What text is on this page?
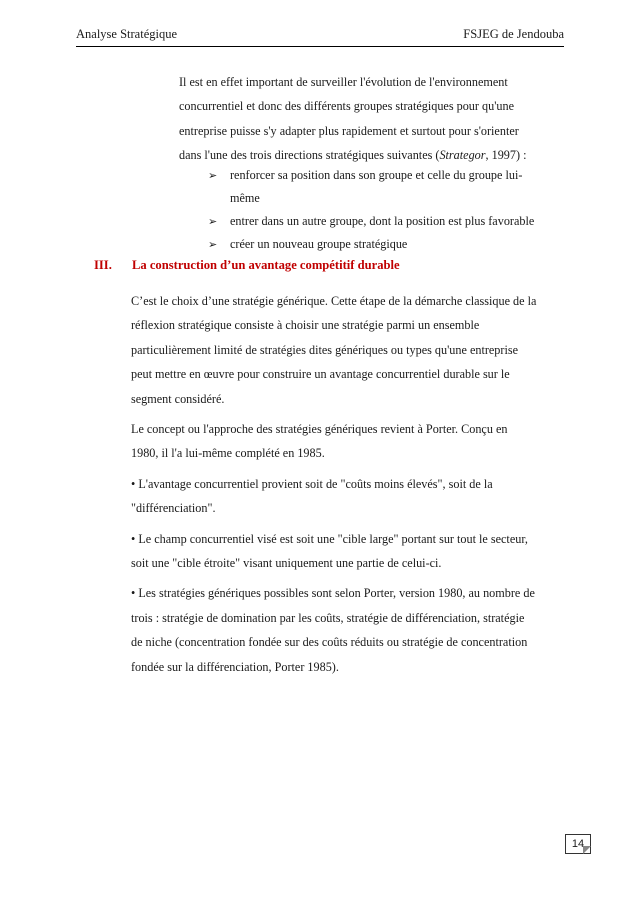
Analyse Stratégique	FSJEG de Jendouba
Il est en effet important de surveiller l'évolution de l'environnement
concurrentiel et donc des différents groupes stratégiques pour qu'une
entreprise puisse s'y adapter plus rapidement et surtout pour s'orienter
dans l'une des trois directions stratégiques suivantes (Strategor, 1997) :
➢ renforcer sa position dans son groupe et celle du groupe lui-
même
➢ entrer dans un autre groupe, dont la position est plus favorable
➢ créer un nouveau groupe stratégique
III. La construction d’un avantage compétitif durable
C’est le choix d’une stratégie générique. Cette étape de la démarche classique de la
réflexion stratégique consiste à choisir une stratégie parmi un ensemble
particulièrement limité de stratégies dites génériques ou types qu'une entreprise
peut mettre en œuvre pour construire un avantage concurrentiel durable sur le
segment considéré.
Le concept ou l'approche des stratégies génériques revient à Porter. Conçu en
1980, il l'a lui-même complété en 1985.
• L'avantage concurrentiel provient soit de "coûts moins élevés", soit de la
"différenciation".
• Le champ concurrentiel visé est soit une "cible large" portant sur tout le secteur,
soit une "cible étroite" visant uniquement une partie de celui-ci.
• Les stratégies génériques possibles sont selon Porter, version 1980, au nombre de
trois : stratégie de domination par les coûts, stratégie de différenciation, stratégie
de niche (concentration fondée sur des coûts réduits ou stratégie de concentration
fondée sur la différenciation, Porter 1985).
14
